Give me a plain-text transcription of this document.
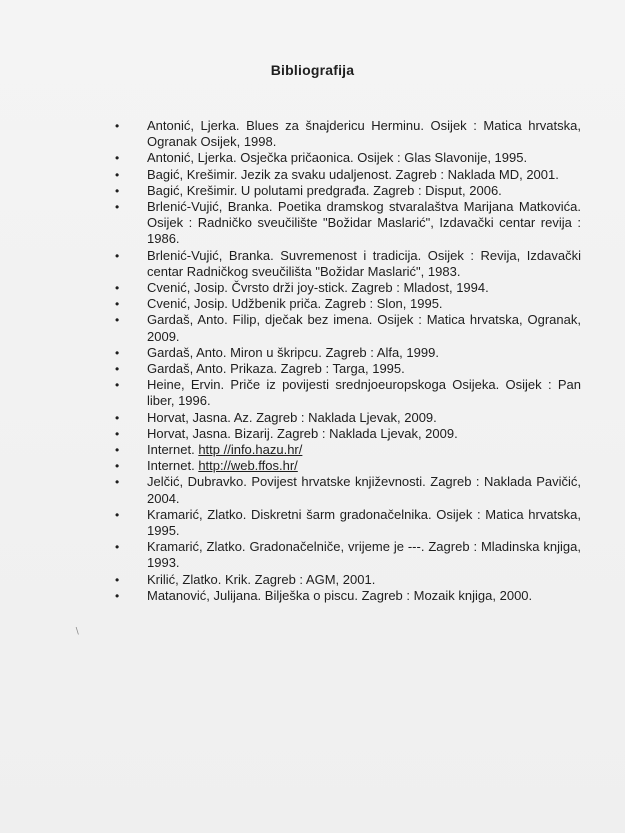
Bibliografija
• Antonić, Ljerka. Blues za šnajdericu Herminu. Osijek : Matica hrvatska, Ogranak Osijek, 1998.
• Antonić, Ljerka. Osječka pričaonica. Osijek : Glas Slavonije, 1995.
• Bagić, Krešimir. Jezik za svaku udaljenost. Zagreb : Naklada MD, 2001.
• Bagić, Krešimir. U polutami predgrađa. Zagreb : Disput, 2006.
• Brlenić-Vujić, Branka. Poetika dramskog stvaralaštva Marijana Matkovića. Osijek : Radničko sveučilište "Božidar Maslarić", Izdavački centar revija : 1986.
• Brlenić-Vujić, Branka. Suvremenost i tradicija. Osijek : Revija, Izdavački centar Radničkog sveučilišta "Božidar Maslarić", 1983.
• Cvenić, Josip. Čvrsto drži joy-stick. Zagreb : Mladost, 1994.
• Cvenić, Josip. Udžbenik priča. Zagreb : Slon, 1995.
• Gardaš, Anto. Filip, dječak bez imena. Osijek : Matica hrvatska, Ogranak, 2009.
• Gardaš, Anto. Miron u škripcu. Zagreb : Alfa, 1999.
• Gardaš, Anto. Prikaza. Zagreb : Targa, 1995.
• Heine, Ervin. Priče iz povijesti srednjoeuropskoga Osijeka. Osijek : Pan liber, 1996.
• Horvat, Jasna. Az. Zagreb : Naklada Ljevak, 2009.
• Horvat, Jasna. Bizarij. Zagreb : Naklada Ljevak, 2009.
• Internet. http //info.hazu.hr/
• Internet. http://web.ffos.hr/
• Jelčić, Dubravko. Povijest hrvatske književnosti. Zagreb : Naklada Pavičić, 2004.
• Kramarić, Zlatko. Diskretni šarm gradonačelnika. Osijek : Matica hrvatska, 1995.
• Kramarić, Zlatko. Gradonačelniče, vrijeme je ---. Zagreb : Mladinska knjiga, 1993.
• Krilić, Zlatko. Krik. Zagreb : AGM, 2001.
• Matanović, Julijana. Bilješka o piscu. Zagreb : Mozaik knjiga, 2000.
∖
